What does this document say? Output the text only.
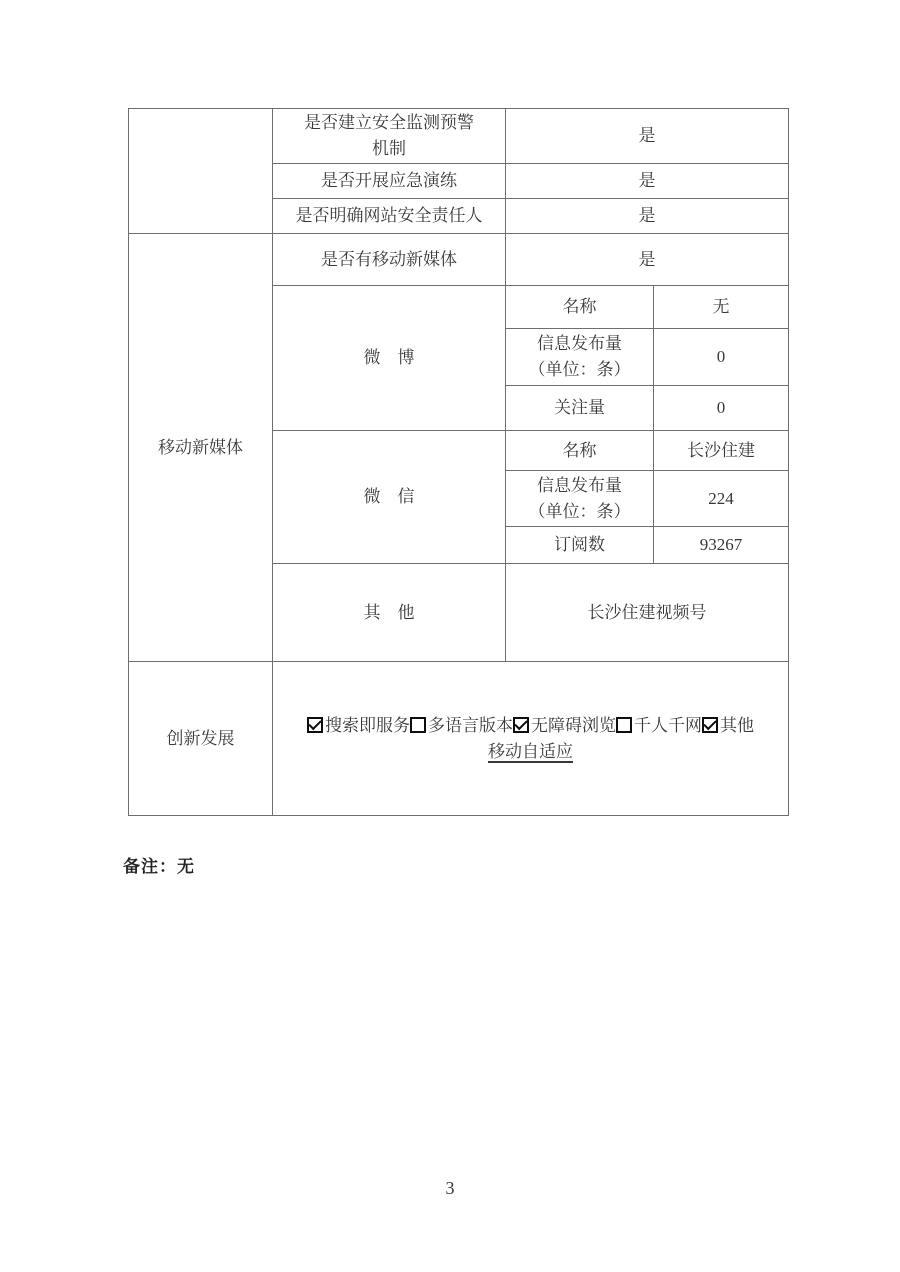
	是否建立安全监测预警
机制	是	
	是否开展应急演练	是	
	是否明确网站安全责任人	是	
移动新媒体	是否有移动新媒体	是	
	微　博	名称	无

		信息发布量
（单位：条）	0
		关注量	0
	微　信	名称	长沙住建

		信息发布量
（单位：条）	224
		订阅数	93267
	其　他	长沙住建视频号	
创新发展	搜索即服务 多语言版本 无障碍浏览 千人千网 其他
移动自适应		
备注：无
3
